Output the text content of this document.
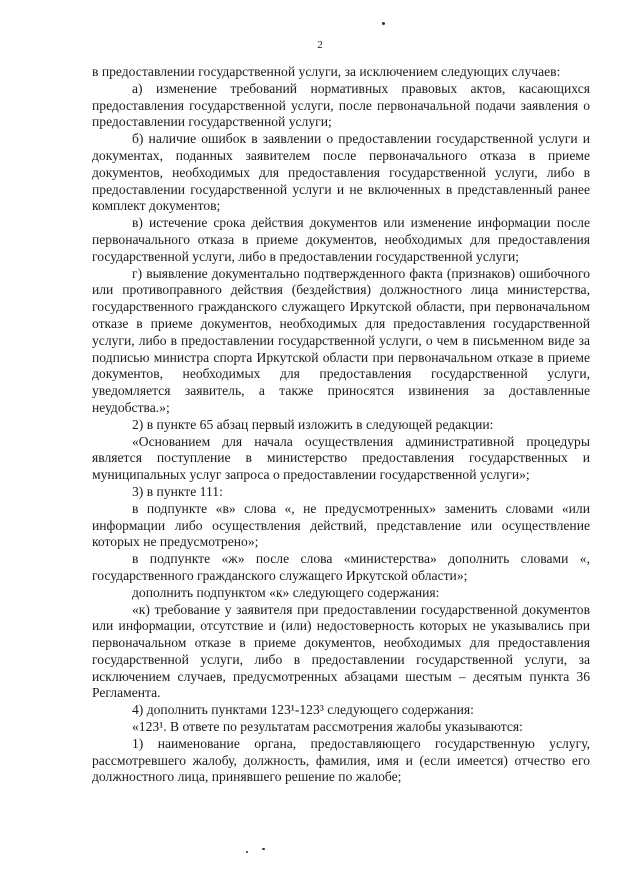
2

в предоставлении государственной услуги, за исключением следующих случаев:

а) изменение требований нормативных правовых актов, касающихся предоставления государственной услуги, после первоначальной подачи заявления о предоставлении государственной услуги;

б) наличие ошибок в заявлении о предоставлении государственной услуги и документах, поданных заявителем после первоначального отказа в приеме документов, необходимых для предоставления государственной услуги, либо в предоставлении государственной услуги и не включенных в представленный ранее комплект документов;

в) истечение срока действия документов или изменение информации после первоначального отказа в приеме документов, необходимых для предоставления государственной услуги, либо в предоставлении государственной услуги;

г) выявление документально подтвержденного факта (признаков) ошибочного или противоправного действия (бездействия) должностного лица министерства, государственного гражданского служащего Иркутской области, при первоначальном отказе в приеме документов, необходимых для предоставления государственной услуги, либо в предоставлении государственной услуги, о чем в письменном виде за подписью министра спорта Иркутской области при первоначальном отказе в приеме документов, необходимых для предоставления государственной услуги, уведомляется заявитель, а также приносятся извинения за доставленные неудобства.»;

2) в пункте 65 абзац первый изложить в следующей редакции:

«Основанием для начала осуществления административной процедуры является поступление в министерство предоставления государственных и муниципальных услуг запроса о предоставлении государственной услуги»;

3) в пункте 111:

в подпункте «в» слова «, не предусмотренных» заменить словами «или информации либо осуществления действий, представление или осуществление которых не предусмотрено»;

в подпункте «ж» после слова «министерства» дополнить словами «, государственного гражданского служащего Иркутской области»;

дополнить подпунктом «к» следующего содержания:

«к) требование у заявителя при предоставлении государственной документов или информации, отсутствие и (или) недостоверность которых не указывались при первоначальном отказе в приеме документов, необходимых для предоставления государственной услуги, либо в предоставлении государственной услуги, за исключением случаев, предусмотренных абзацами шестым – десятым пункта 36 Регламента.

4) дополнить пунктами 123¹-123³ следующего содержания:

«123¹. В ответе по результатам рассмотрения жалобы указываются:

1) наименование органа, предоставляющего государственную услугу, рассмотревшего жалобу, должность, фамилия, имя и (если имеется) отчество его должностного лица, принявшего решение по жалобе;
